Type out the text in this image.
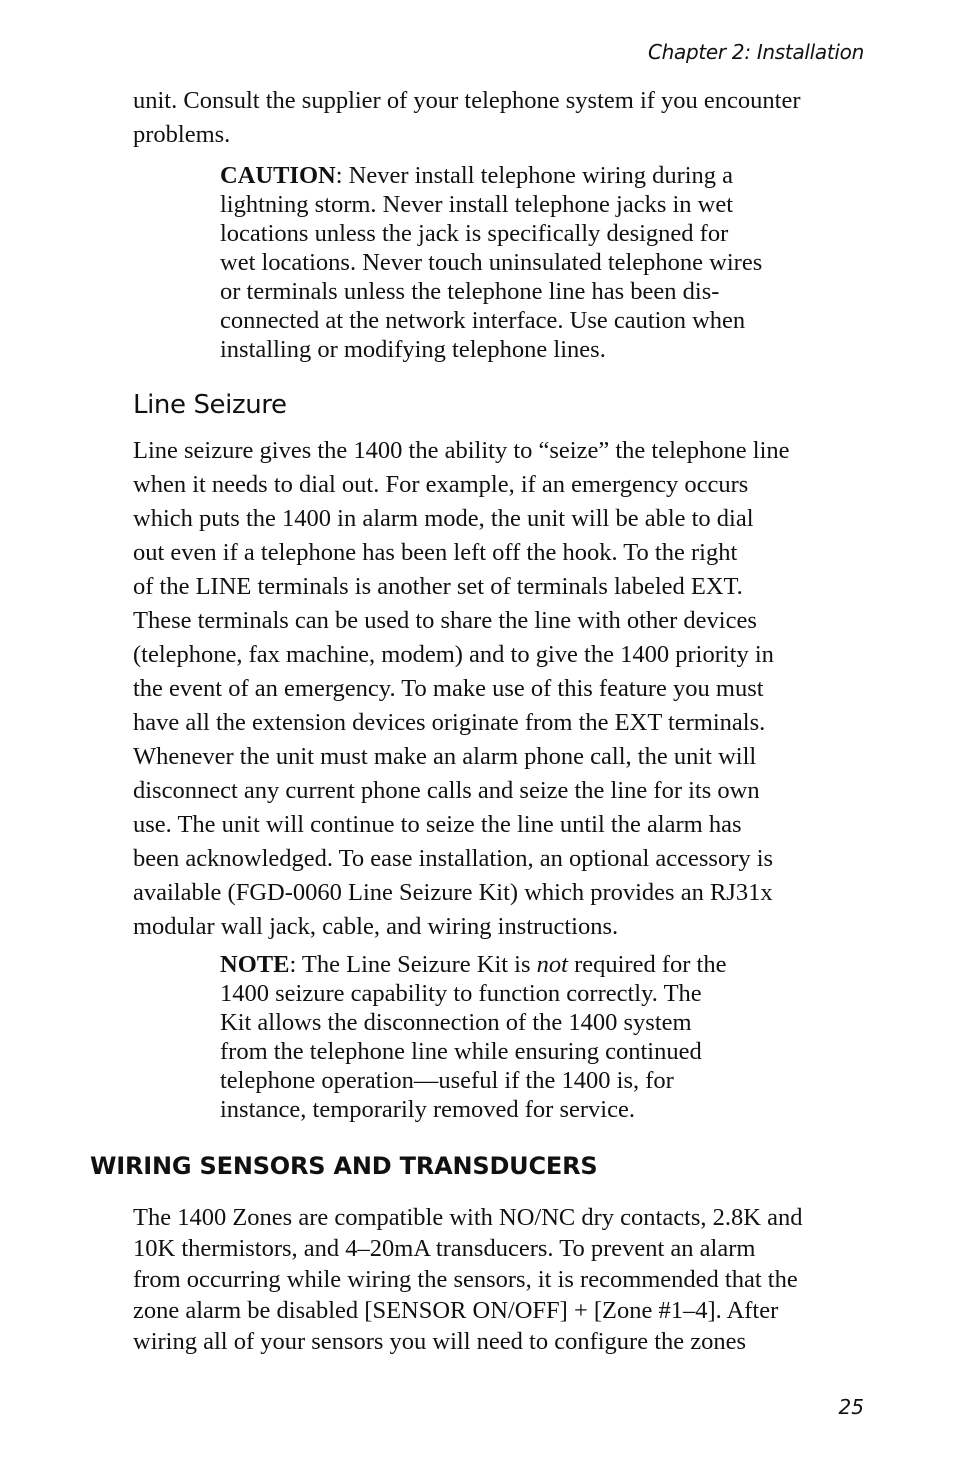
Chapter 2: Installation

unit. Consult the supplier of your telephone system if you encounter
problems.

CAUTION: Never install telephone wiring during a
lightning storm. Never install telephone jacks in wet
locations unless the jack is specifically designed for
wet locations. Never touch uninsulated telephone wires
or terminals unless the telephone line has been dis-
connected at the network interface. Use caution when
installing or modifying telephone lines.

Line Seizure

Line seizure gives the 1400 the ability to “seize” the telephone line
when it needs to dial out. For example, if an emergency occurs
which puts the 1400 in alarm mode, the unit will be able to dial
out even if a telephone has been left off the hook. To the right
of the LINE terminals is another set of terminals labeled EXT.
These terminals can be used to share the line with other devices
(telephone, fax machine, modem) and to give the 1400 priority in
the event of an emergency. To make use of this feature you must
have all the extension devices originate from the EXT terminals.
Whenever the unit must make an alarm phone call, the unit will
disconnect any current phone calls and seize the line for its own
use. The unit will continue to seize the line until the alarm has
been acknowledged. To ease installation, an optional accessory is
available (FGD-0060 Line Seizure Kit) which provides an RJ31x
modular wall jack, cable, and wiring instructions.

NOTE: The Line Seizure Kit is not required for the
1400 seizure capability to function correctly. The
Kit allows the disconnection of the 1400 system
from the telephone line while ensuring continued
telephone operation—useful if the 1400 is, for
instance, temporarily removed for service.

WIRING SENSORS AND TRANSDUCERS

The 1400 Zones are compatible with NO/NC dry contacts, 2.8K and
10K thermistors, and 4–20mA transducers. To prevent an alarm
from occurring while wiring the sensors, it is recommended that the
zone alarm be disabled [SENSOR ON/OFF] + [Zone #1–4]. After
wiring all of your sensors you will need to configure the zones

25
